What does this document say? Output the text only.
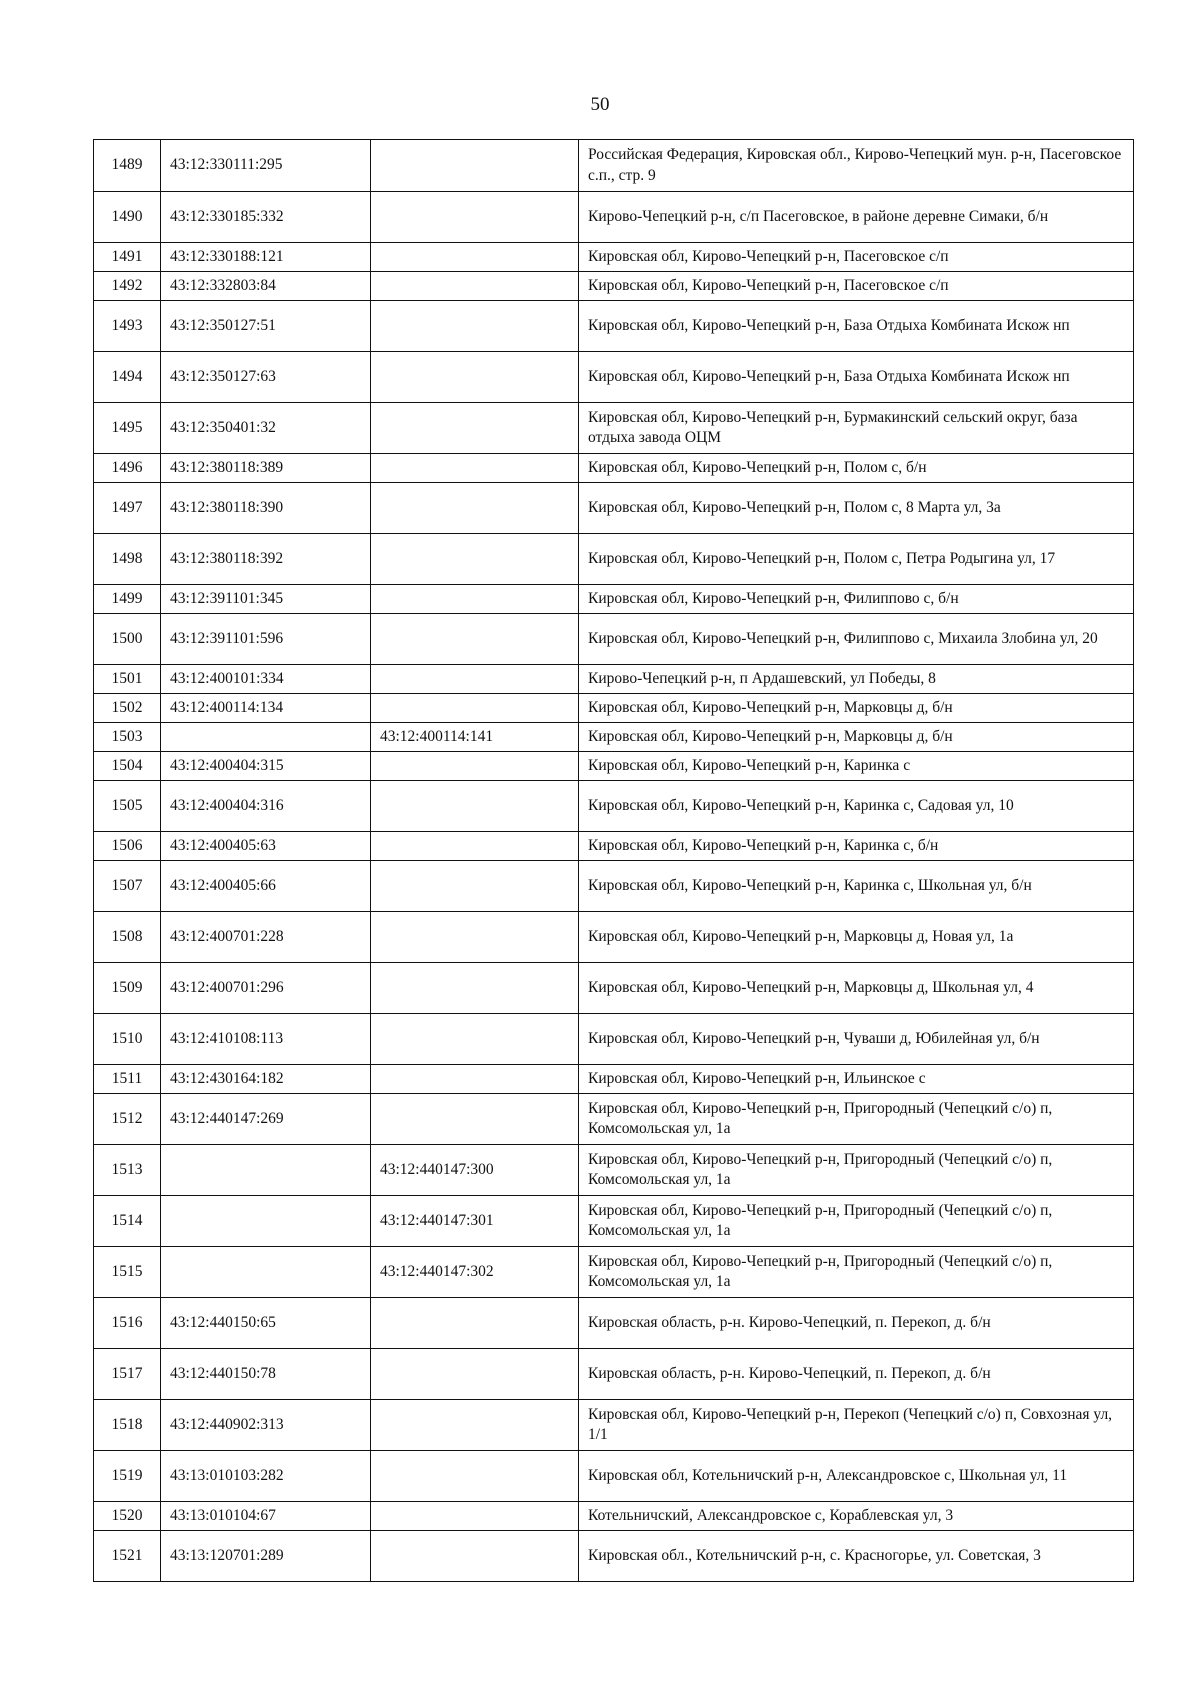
50
1489	43:12:330111:295		Российская Федерация, Кировская обл., Кирово-Чепецкий мун. р-н, Пасеговское с.п., стр. 9
1490	43:12:330185:332		Кирово-Чепецкий р-н, с/п Пасеговское, в районе деревне Симаки, б/н
1491	43:12:330188:121		Кировская обл, Кирово-Чепецкий р-н, Пасеговское с/п
1492	43:12:332803:84		Кировская обл, Кирово-Чепецкий р-н, Пасеговское с/п
1493	43:12:350127:51		Кировская обл, Кирово-Чепецкий р-н, База Отдыха Комбината Искож нп
1494	43:12:350127:63		Кировская обл, Кирово-Чепецкий р-н, База Отдыха Комбината Искож нп
1495	43:12:350401:32		Кировская обл, Кирово-Чепецкий р-н, Бурмакинский сельский округ, база отдыха завода ОЦМ
1496	43:12:380118:389		Кировская обл, Кирово-Чепецкий р-н, Полом с, б/н
1497	43:12:380118:390		Кировская обл, Кирово-Чепецкий р-н, Полом с, 8 Марта ул, 3а
1498	43:12:380118:392		Кировская обл, Кирово-Чепецкий р-н, Полом с, Петра Родыгина ул, 17
1499	43:12:391101:345		Кировская обл, Кирово-Чепецкий р-н, Филиппово с, б/н
1500	43:12:391101:596		Кировская обл, Кирово-Чепецкий р-н, Филиппово с, Михаила Злобина ул, 20
1501	43:12:400101:334		Кирово-Чепецкий р-н, п Ардашевский, ул Победы, 8
1502	43:12:400114:134		Кировская обл, Кирово-Чепецкий р-н, Марковцы д, б/н
1503		43:12:400114:141	Кировская обл, Кирово-Чепецкий р-н, Марковцы д, б/н
1504	43:12:400404:315		Кировская обл, Кирово-Чепецкий р-н, Каринка с
1505	43:12:400404:316		Кировская обл, Кирово-Чепецкий р-н, Каринка с, Садовая ул, 10
1506	43:12:400405:63		Кировская обл, Кирово-Чепецкий р-н, Каринка с, б/н
1507	43:12:400405:66		Кировская обл, Кирово-Чепецкий р-н, Каринка с, Школьная ул, б/н
1508	43:12:400701:228		Кировская обл, Кирово-Чепецкий р-н, Марковцы д, Новая ул, 1а
1509	43:12:400701:296		Кировская обл, Кирово-Чепецкий р-н, Марковцы д, Школьная ул, 4
1510	43:12:410108:113		Кировская обл, Кирово-Чепецкий р-н, Чуваши д, Юбилейная ул, б/н
1511	43:12:430164:182		Кировская обл, Кирово-Чепецкий р-н, Ильинское с
1512	43:12:440147:269		Кировская обл, Кирово-Чепецкий р-н, Пригородный (Чепецкий с/о) п, Комсомольская ул, 1а
1513		43:12:440147:300	Кировская обл, Кирово-Чепецкий р-н, Пригородный (Чепецкий с/о) п, Комсомольская ул, 1а
1514		43:12:440147:301	Кировская обл, Кирово-Чепецкий р-н, Пригородный (Чепецкий с/о) п, Комсомольская ул, 1а
1515		43:12:440147:302	Кировская обл, Кирово-Чепецкий р-н, Пригородный (Чепецкий с/о) п, Комсомольская ул, 1а
1516	43:12:440150:65		Кировская область, р-н. Кирово-Чепецкий, п. Перекоп, д. б/н
1517	43:12:440150:78		Кировская область, р-н. Кирово-Чепецкий, п. Перекоп, д. б/н
1518	43:12:440902:313		Кировская обл, Кирово-Чепецкий р-н, Перекоп (Чепецкий с/о) п, Совхозная ул, 1/1
1519	43:13:010103:282		Кировская обл, Котельничский р-н, Александровское с, Школьная ул, 11
1520	43:13:010104:67		Котельничский, Александровское с, Кораблевская ул, 3
1521	43:13:120701:289		Кировская обл., Котельничский р-н, с. Красногорье, ул. Советская, 3
